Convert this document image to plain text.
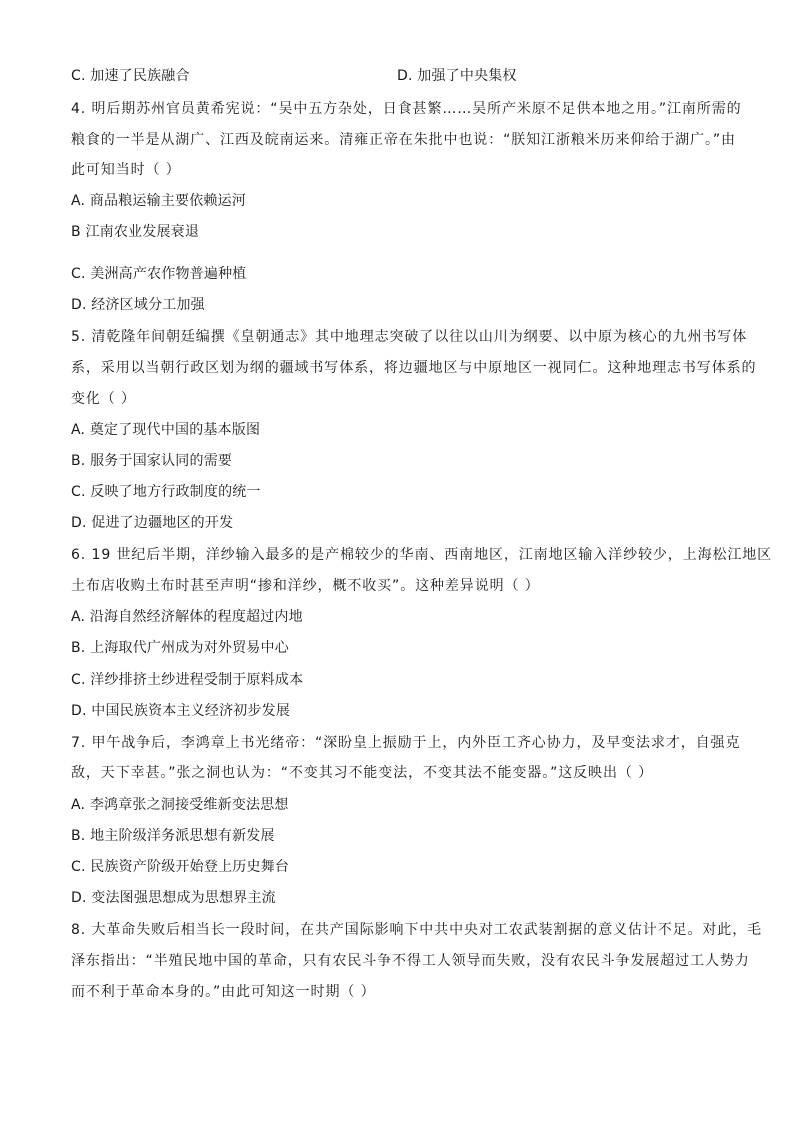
C. 加速了民族融合	D. 加强了中央集权
4. 明后期苏州官员黄希宪说：“吴中五方杂处，日食甚繁……吴所产米原不足供本地之用。”江南所需的
粮食的一半是从湖广、江西及皖南运来。清雍正帝在朱批中也说：“朕知江浙粮米历来仰给于湖广。”由
此可知当时（ ）
A. 商品粮运输主要依赖运河
B 江南农业发展衰退
C. 美洲高产农作物普遍种植
D. 经济区域分工加强
5. 清乾隆年间朝廷编撰《皇朝通志》其中地理志突破了以往以山川为纲要、以中原为核心的九州书写体
系，采用以当朝行政区划为纲的疆域书写体系，将边疆地区与中原地区一视同仁。这种地理志书写体系的
变化（ ）
A. 奠定了现代中国的基本版图
B. 服务于国家认同的需要
C. 反映了地方行政制度的统一
D. 促进了边疆地区的开发
6. 19 世纪后半期，洋纱输入最多的是产棉较少的华南、西南地区，江南地区输入洋纱较少，上海松江地区
土布店收购土布时甚至声明“掺和洋纱，概不收买”。这种差异说明（ ）
A. 沿海自然经济解体的程度超过内地
B. 上海取代广州成为对外贸易中心
C. 洋纱排挤土纱进程受制于原料成本
D. 中国民族资本主义经济初步发展
7. 甲午战争后，李鸿章上书光绪帝：“深盼皇上振励于上，内外臣工齐心协力，及早变法求才，自强克
敌，天下幸甚。”张之洞也认为：“不变其习不能变法，不变其法不能变器。”这反映出（ ）
A. 李鸿章张之洞接受维新变法思想
B. 地主阶级洋务派思想有新发展
C. 民族资产阶级开始登上历史舞台
D. 变法图强思想成为思想界主流
8. 大革命失败后相当长一段时间，在共产国际影响下中共中央对工农武装割据的意义估计不足。对此，毛
泽东指出：“半殖民地中国的革命，只有农民斗争不得工人领导而失败，没有农民斗争发展超过工人势力
而不利于革命本身的。”由此可知这一时期（ ）
